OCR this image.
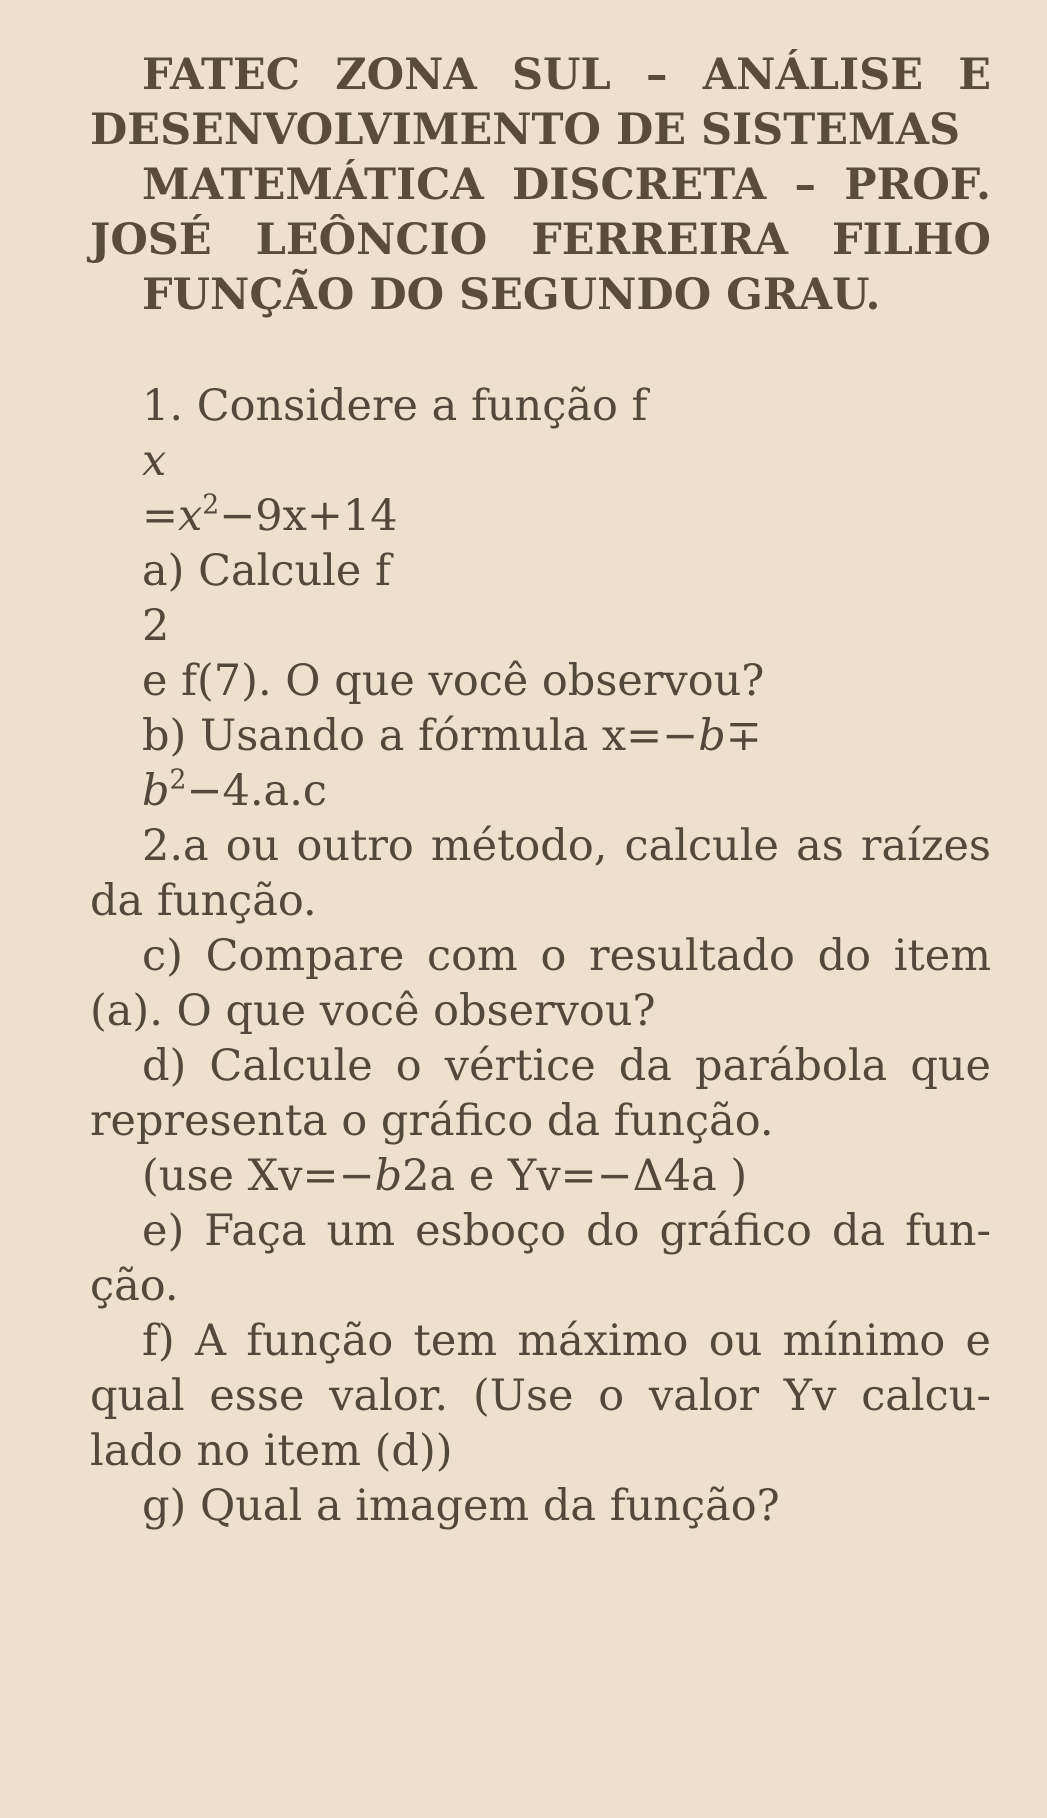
FATEC ZONA SUL – ANÁLISE E DESENVOLVIMENTO DE SISTEMAS

MATEMÁTICA DISCRETA – PROF. JOSÉ LEÔNCIO FERREIRA FILHO

FUNÇÃO DO SEGUNDO GRAU.

1. Considere a função f

x

$=x^2-9x+14$

a) Calcule f

2

e f(7). O que você observou?

b) Usando a fórmula x=−b∓

$b^2-4.a.c$

2.a ou outro método, calcule as raízes da função.

c) Compare com o resultado do item (a). O que você observou?

d) Calcule o vértice da parábola que representa o gráfico da função.

(use Xv=−b2a e Yv=−Δ4a )

e) Faça um esboço do gráfico da função.

f) A função tem máximo ou mínimo e qual esse valor. (Use o valor Yv calculado no item (d))

g) Qual a imagem da função?
